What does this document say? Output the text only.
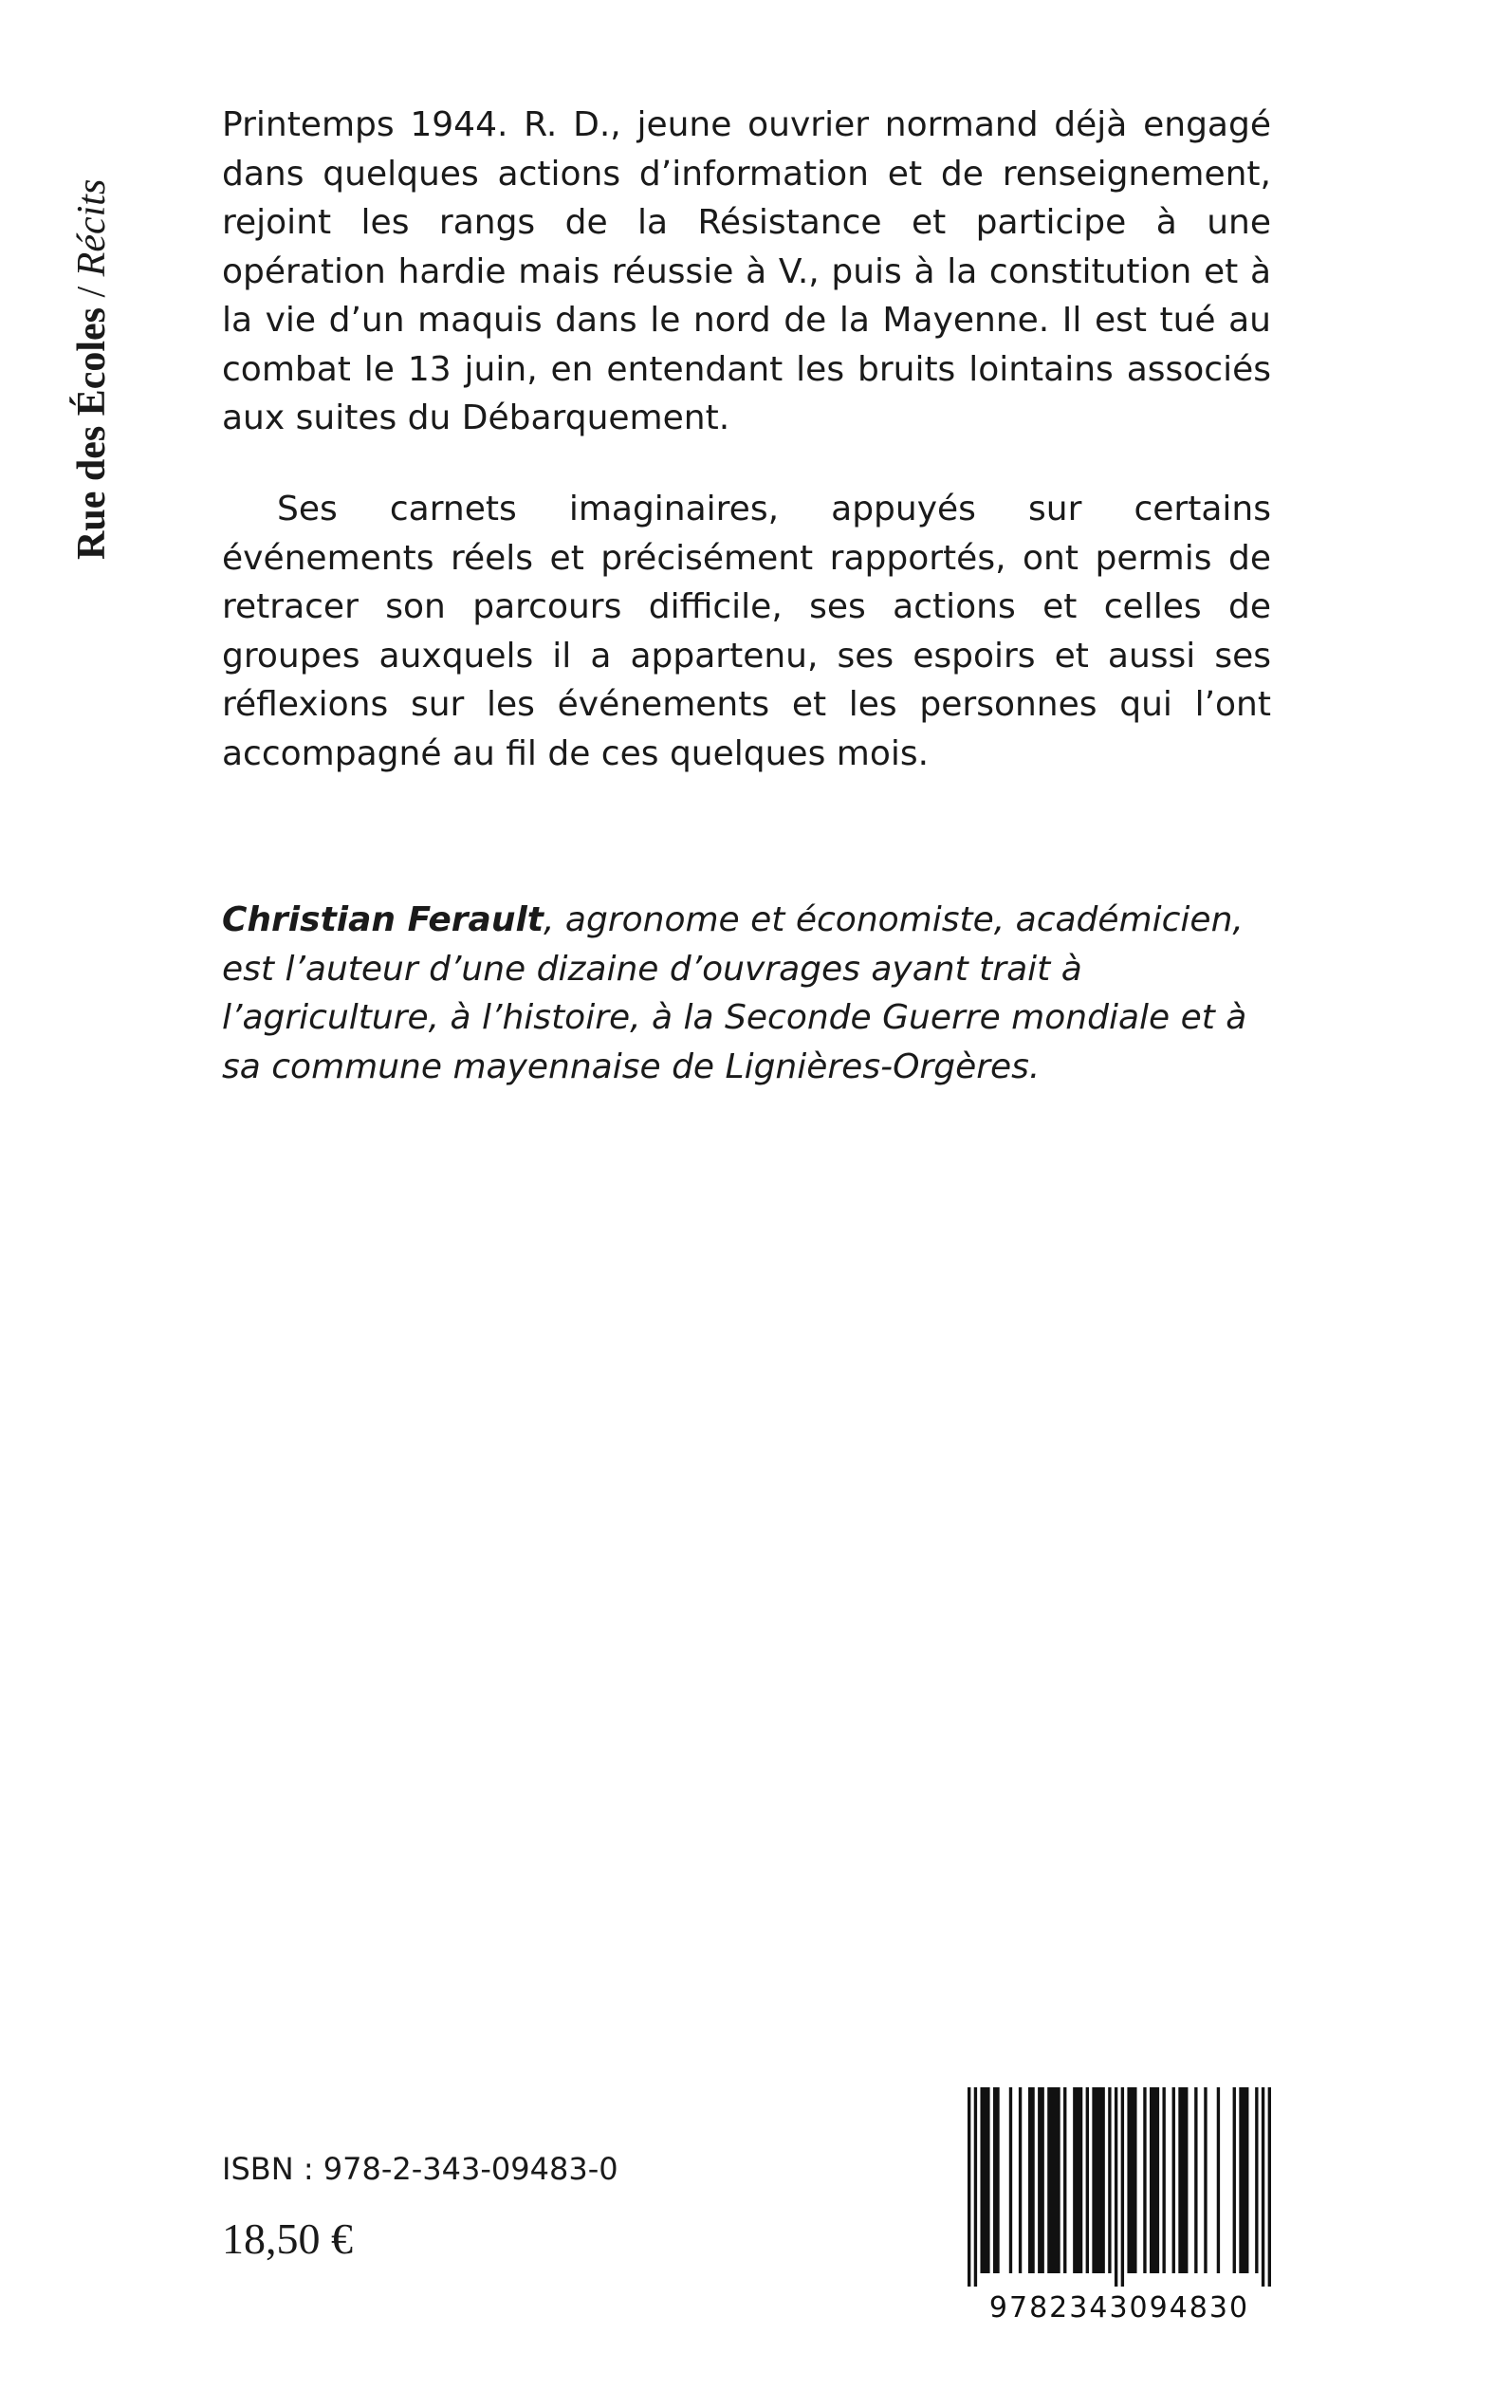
Rue des Écoles / Récits

Printemps 1944. R. D., jeune ouvrier normand déjà engagé dans quelques actions d’information et de renseignement, rejoint les rangs de la Résistance et participe à une opération hardie mais réussie à V., puis à la constitution et à la vie d’un maquis dans le nord de la Mayenne. Il est tué au combat le 13 juin, en entendant les bruits lointains associés aux suites du Débarquement.

Ses carnets imaginaires, appuyés sur certains événements réels et précisément rapportés, ont permis de retracer son parcours difficile, ses actions et celles de groupes auxquels il a appartenu, ses espoirs et aussi ses réflexions sur les événements et les personnes qui l’ont accompagné au fil de ces quelques mois.

Christian Ferault, agronome et économiste, académicien, est l’auteur d’une dizaine d’ouvrages ayant trait à l’agriculture, à l’histoire, à la Seconde Guerre mondiale et à sa commune mayennaise de Lignières-Orgères.
ISBN : 978-2-343-09483-0
18,50 €
9782343094830
